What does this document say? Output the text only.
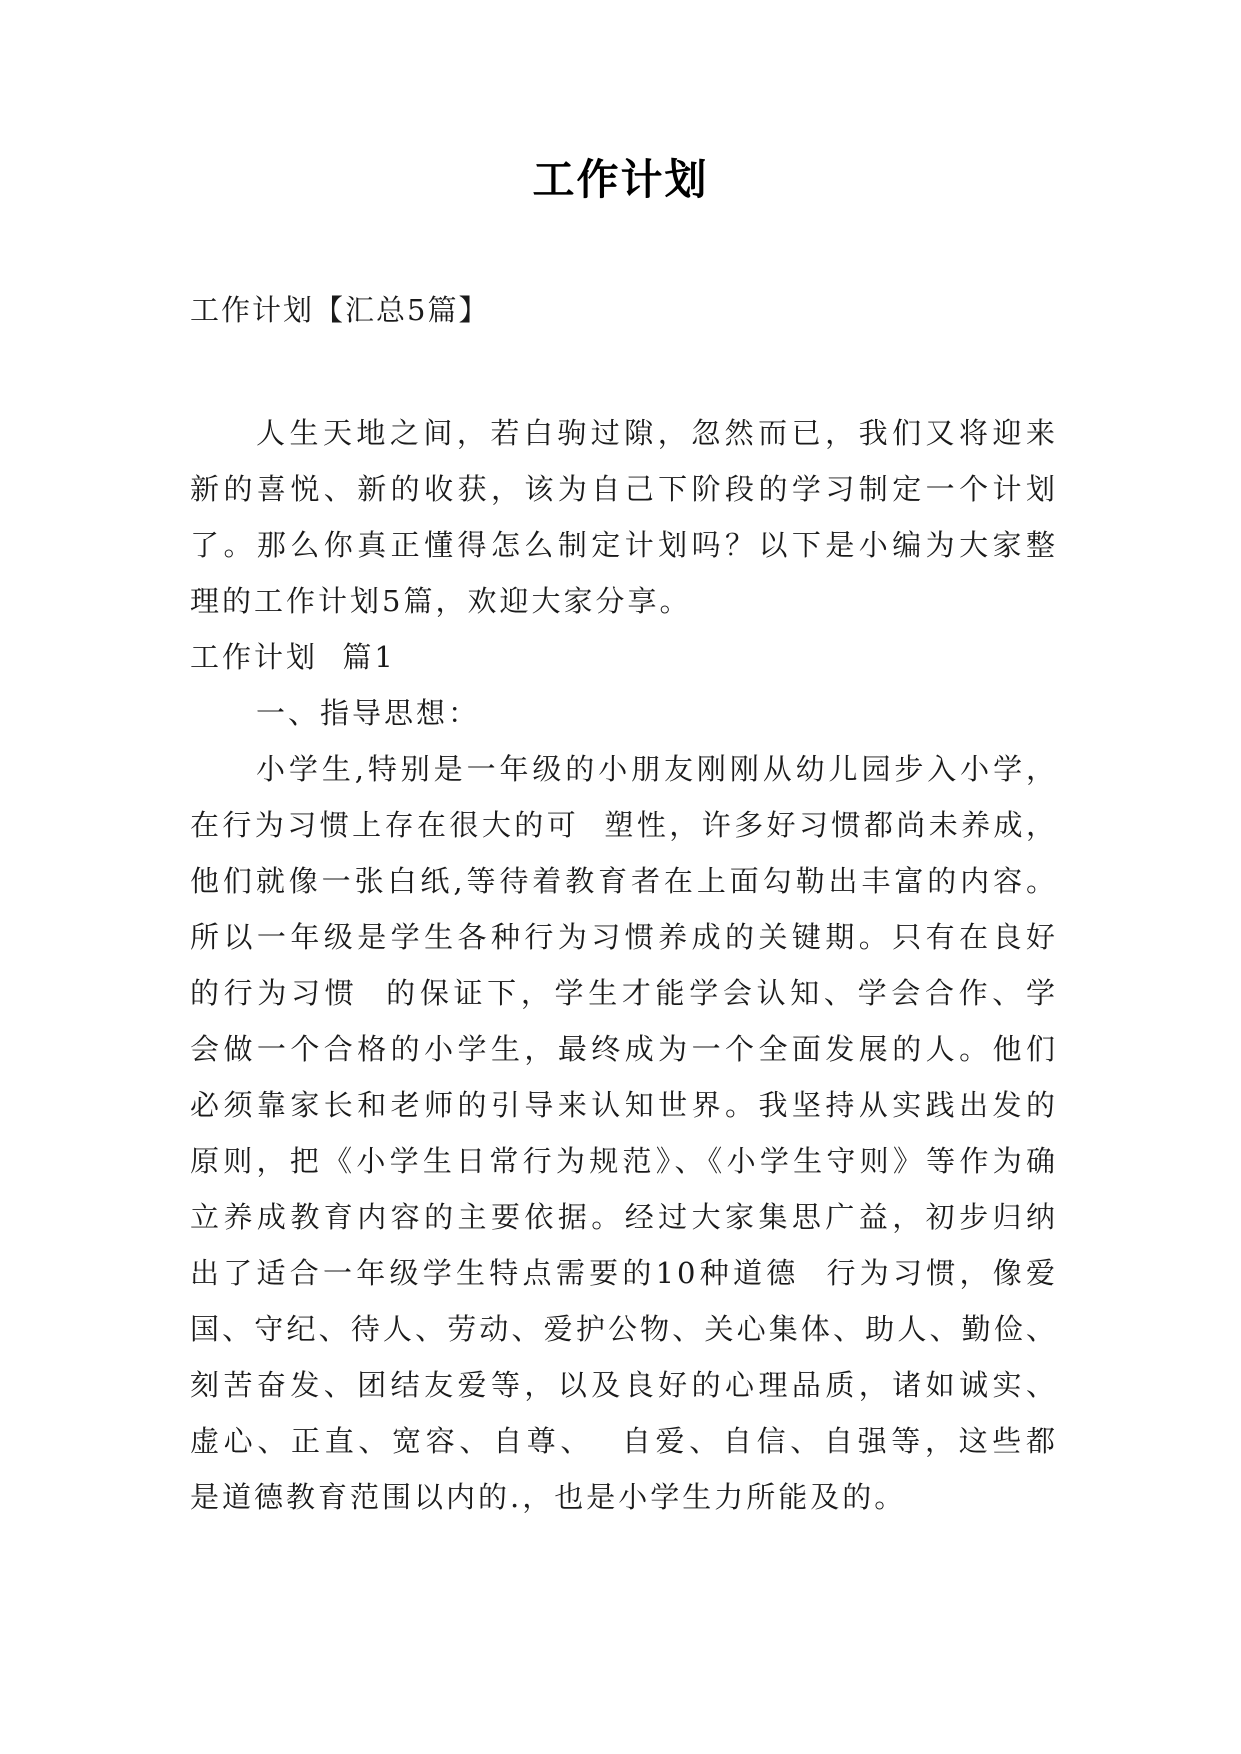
工作计划
工作计划【汇总5篇】
人生天地之间，若白驹过隙，忽然而已，我们又将迎来
新的喜悦、新的收获，该为自己下阶段的学习制定一个计划
了。那么你真正懂得怎么制定计划吗？以下是小编为大家整
理的工作计划5篇，欢迎大家分享。
工作计划  篇1
一、指导思想：
小学生,特别是一年级的小朋友刚刚从幼儿园步入小学，
在行为习惯上存在很大的可  塑性，许多好习惯都尚未养成，
他们就像一张白纸,等待着教育者在上面勾勒出丰富的内容。
所以一年级是学生各种行为习惯养成的关键期。只有在良好
的行为习惯  的保证下，学生才能学会认知、学会合作、学
会做一个合格的小学生，最终成为一个全面发展的人。他们
必须靠家长和老师的引导来认知世界。我坚持从实践出发的
原则，把《小学生日常行为规范》、《小学生守则》等作为确
立养成教育内容的主要依据。经过大家集思广益，初步归纳
出了适合一年级学生特点需要的10种道德  行为习惯，像爱
国、守纪、待人、劳动、爱护公物、关心集体、助人、勤俭、
刻苦奋发、团结友爱等，以及良好的心理品质，诸如诚实、
虚心、正直、宽容、自尊、  自爱、自信、自强等，这些都
是道德教育范围以内的.，也是小学生力所能及的。
